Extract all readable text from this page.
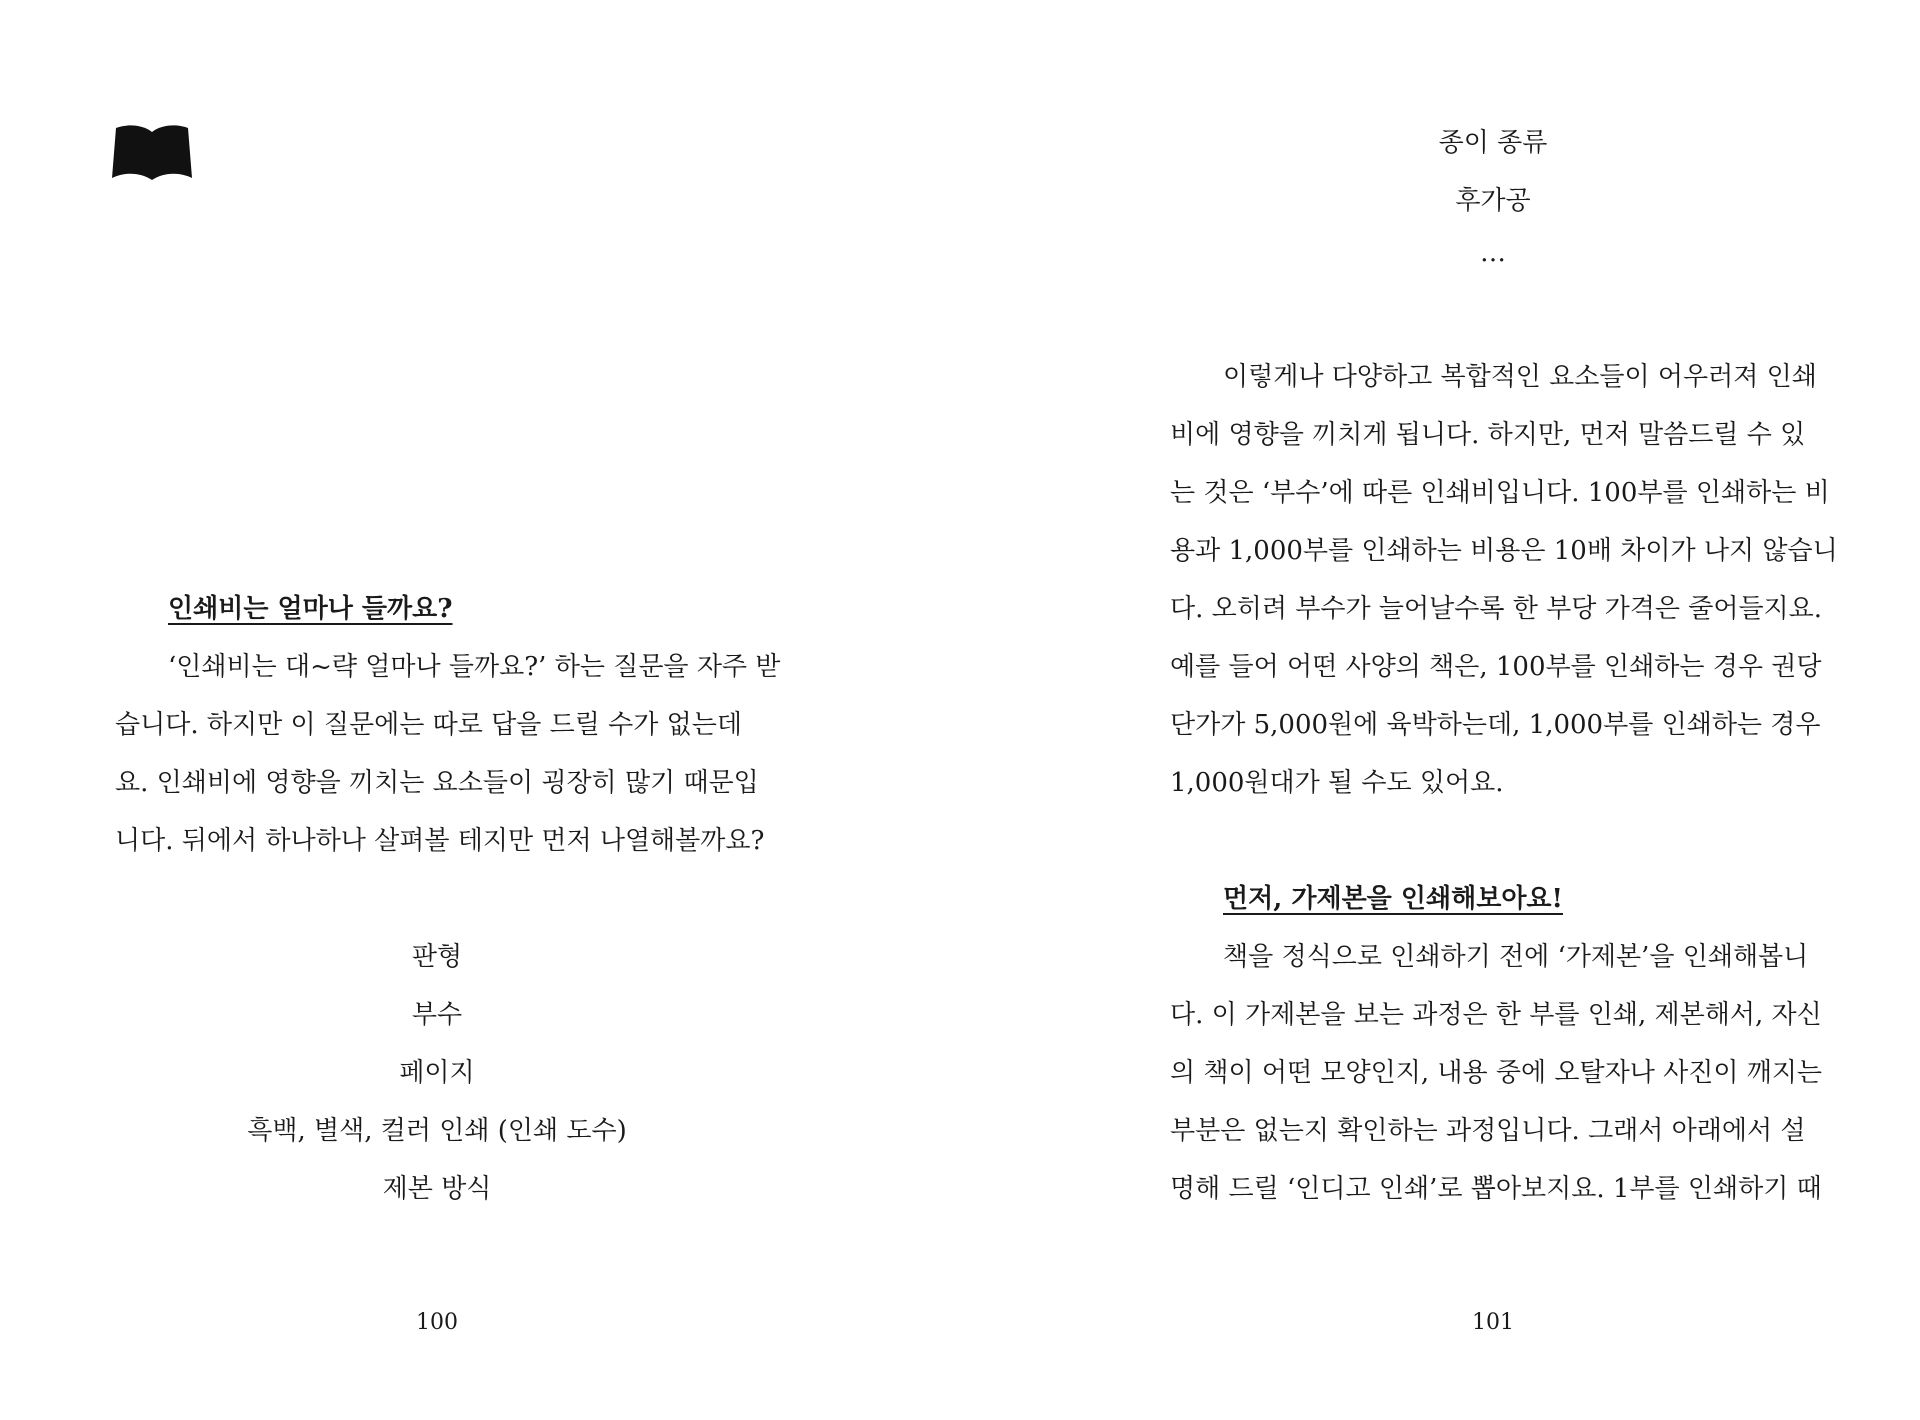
인쇄비는 얼마나 들까요?

‘인쇄비는 대~략 얼마나 들까요?’ 하는 질문을 자주 받

습니다. 하지만 이 질문에는 따로 답을 드릴 수가 없는데

요. 인쇄비에 영향을 끼치는 요소들이 굉장히 많기 때문입

니다. 뒤에서 하나하나 살펴볼 테지만 먼저 나열해볼까요?

판형
부수
페이지
흑백, 별색, 컬러 인쇄 (인쇄 도수)
제본 방식
100
종이 종류
후가공
…

이렇게나 다양하고 복합적인 요소들이 어우러져 인쇄

비에 영향을 끼치게 됩니다. 하지만, 먼저 말씀드릴 수 있

는 것은 ‘부수’에 따른 인쇄비입니다. 100부를 인쇄하는 비

용과 1,000부를 인쇄하는 비용은 10배 차이가 나지 않습니

다. 오히려 부수가 늘어날수록 한 부당 가격은 줄어들지요.

예를 들어 어떤 사양의 책은, 100부를 인쇄하는 경우 권당

단가가 5,000원에 육박하는데, 1,000부를 인쇄하는 경우

1,000원대가 될 수도 있어요.

먼저, 가제본을 인쇄해보아요!

책을 정식으로 인쇄하기 전에 ‘가제본’을 인쇄해봅니

다. 이 가제본을 보는 과정은 한 부를 인쇄, 제본해서, 자신

의 책이 어떤 모양인지, 내용 중에 오탈자나 사진이 깨지는

부분은 없는지 확인하는 과정입니다. 그래서 아래에서 설

명해 드릴 ‘인디고 인쇄’로 뽑아보지요. 1부를 인쇄하기 때

101
